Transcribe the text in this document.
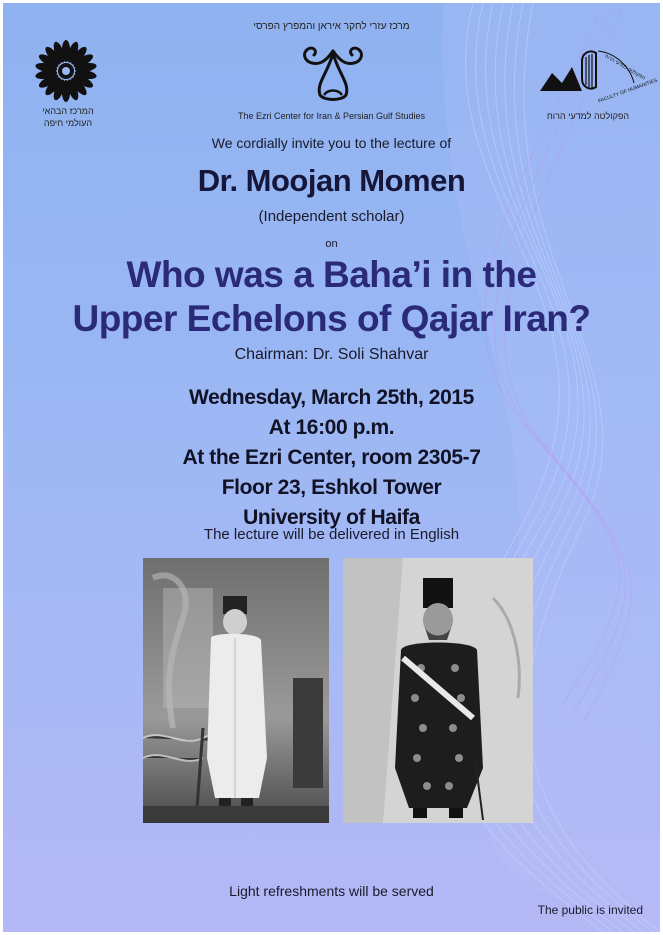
מרכז עזרי לחקר איראן והמפרץ הפרסי
The Ezri Center for Iran & Persian Gulf Studies
המרכז הבהאי
העולמי חיפה
FACULTY OF HUMANITIES
הפקולטה למדעי הרוח
הפקולטה למדעי הרוח
We cordially invite you to the lecture of
Dr. Moojan Momen
(Independent scholar)
on
Who was a Baha’i in the
Upper Echelons of Qajar Iran?
Chairman: Dr. Soli Shahvar
Wednesday, March 25th, 2015
At 16:00 p.m.
At the Ezri Center, room 2305-7
Floor 23, Eshkol Tower
University of Haifa
The lecture will be delivered in English
Light refreshments will be served
The public is invited
